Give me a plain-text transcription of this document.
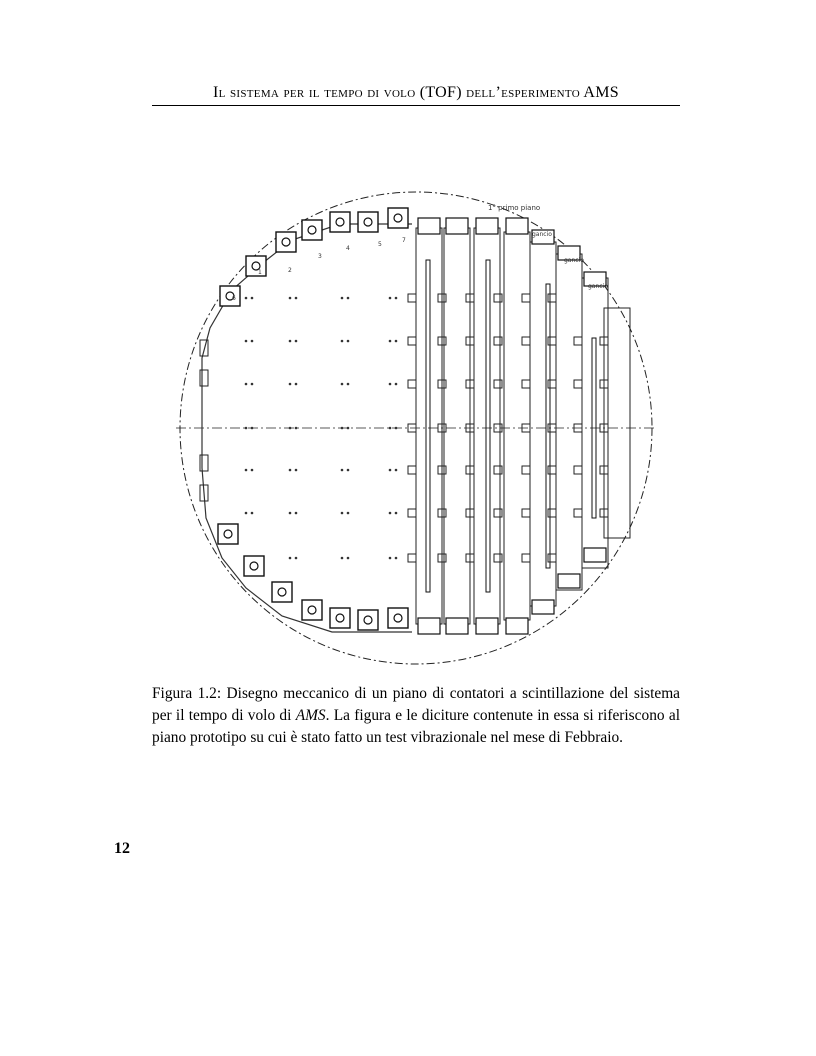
Il sistema per il tempo di volo (TOF) dell’esperimento AMS
1° primo piano
gancio
gancio
gancio
1	2
3
4
5
6
7
Figura 1.2: Disegno meccanico di un piano di contatori a scintillazione del sistema per il tempo di volo di AMS. La figura e le diciture contenute in essa si riferiscono al piano prototipo su cui è stato fatto un test vibrazionale nel mese di Febbraio.
12
